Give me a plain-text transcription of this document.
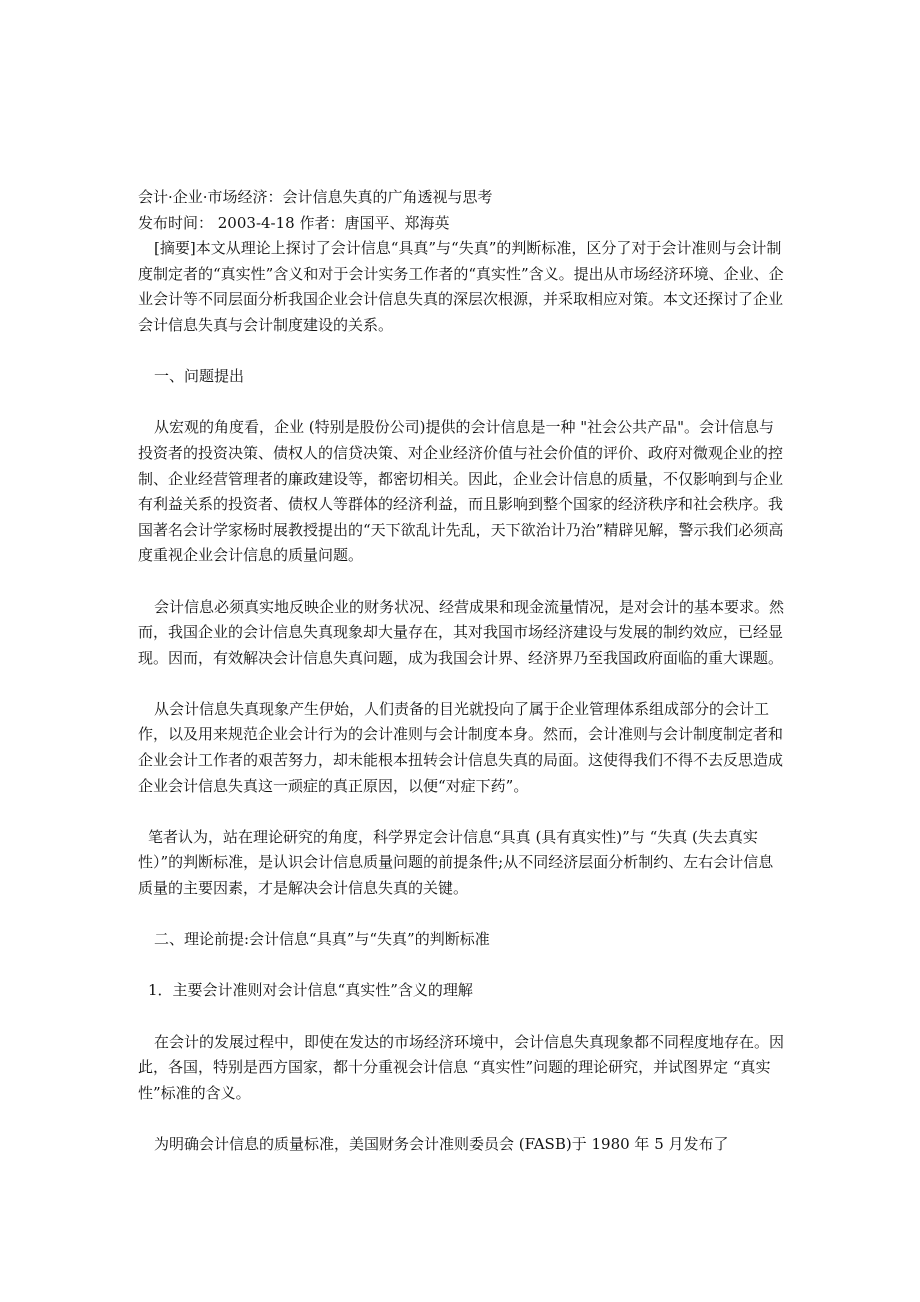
会计·企业·市场经济：会计信息失真的广角透视与思考
发布时间： 2003-4-18 作者：唐国平、郑海英

[摘要]本文从理论上探讨了会计信息“具真”与“失真”的判断标准，区分了对于会计准则与会计制度制定者的“真实性”含义和对于会计实务工作者的“真实性”含义。提出从市场经济环境、企业、企业会计等不同层面分析我国企业会计信息失真的深层次根源，并采取相应对策。本文还探讨了企业会计信息失真与会计制度建设的关系。

一、问题提出

从宏观的角度看，企业 (特别是股份公司)提供的会计信息是一种 "社会公共产品"。会计信息与投资者的投资决策、债权人的信贷决策、对企业经济价值与社会价值的评价、政府对微观企业的控制、企业经营管理者的廉政建设等，都密切相关。因此，企业会计信息的质量，不仅影响到与企业有利益关系的投资者、债权人等群体的经济利益，而且影响到整个国家的经济秩序和社会秩序。我国著名会计学家杨时展教授提出的“天下欲乱计先乱，天下欲治计乃治”精辟见解，警示我们必须高度重视企业会计信息的质量问题。

会计信息必须真实地反映企业的财务状况、经营成果和现金流量情况，是对会计的基本要求。然而，我国企业的会计信息失真现象却大量存在，其对我国市场经济建设与发展的制约效应，已经显现。因而，有效解决会计信息失真问题，成为我国会计界、经济界乃至我国政府面临的重大课题。

从会计信息失真现象产生伊始，人们责备的目光就投向了属于企业管理体系组成部分的会计工作，以及用来规范企业会计行为的会计准则与会计制度本身。然而，会计准则与会计制度制定者和企业会计工作者的艰苦努力，却未能根本扭转会计信息失真的局面。这使得我们不得不去反思造成企业会计信息失真这一顽症的真正原因，以便“对症下药”。

笔者认为，站在理论研究的角度，科学界定会计信息“具真 (具有真实性)”与 “失真 (失去真实性）”的判断标准，是认识会计信息质量问题的前提条件;从不同经济层面分析制约、左右会计信息质量的主要因素，才是解决会计信息失真的关键。

二、理论前提:会计信息“具真”与“失真”的判断标准

1．主要会计准则对会计信息“真实性”含义的理解

在会计的发展过程中，即使在发达的市场经济环境中，会计信息失真现象都不同程度地存在。因此，各国，特别是西方国家，都十分重视会计信息 “真实性”问题的理论研究，并试图界定 “真实性”标准的含义。

为明确会计信息的质量标准，美国财务会计准则委员会 (FASB)于 1980 年 5 月发布了
